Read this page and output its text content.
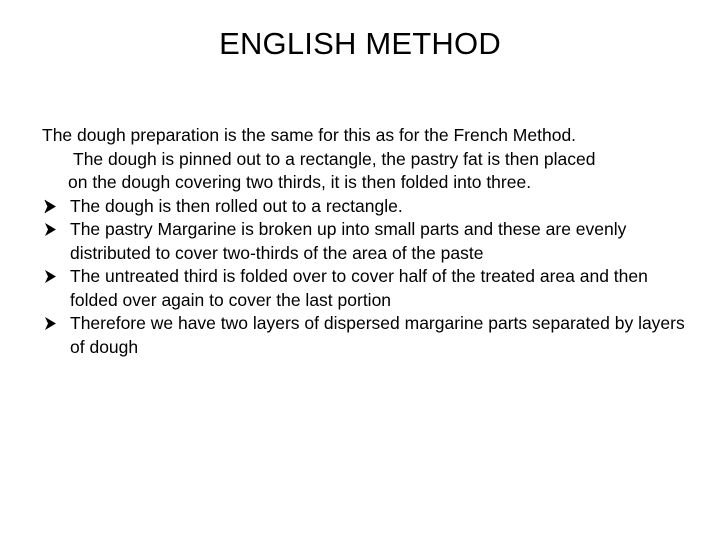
ENGLISH METHOD

The dough preparation is the same for this as for the French Method.

The dough is pinned out to a rectangle, the pastry fat is then placed
on the dough covering two thirds, it is then folded into three.

The dough is then rolled out to a rectangle.
The pastry Margarine is broken up into small parts and these are evenly distributed to cover two-thirds of the area of the paste
The untreated third is folded over to cover half of the treated area and then folded over again to cover the last portion
Therefore we have two layers of dispersed margarine parts separated by layers of dough
